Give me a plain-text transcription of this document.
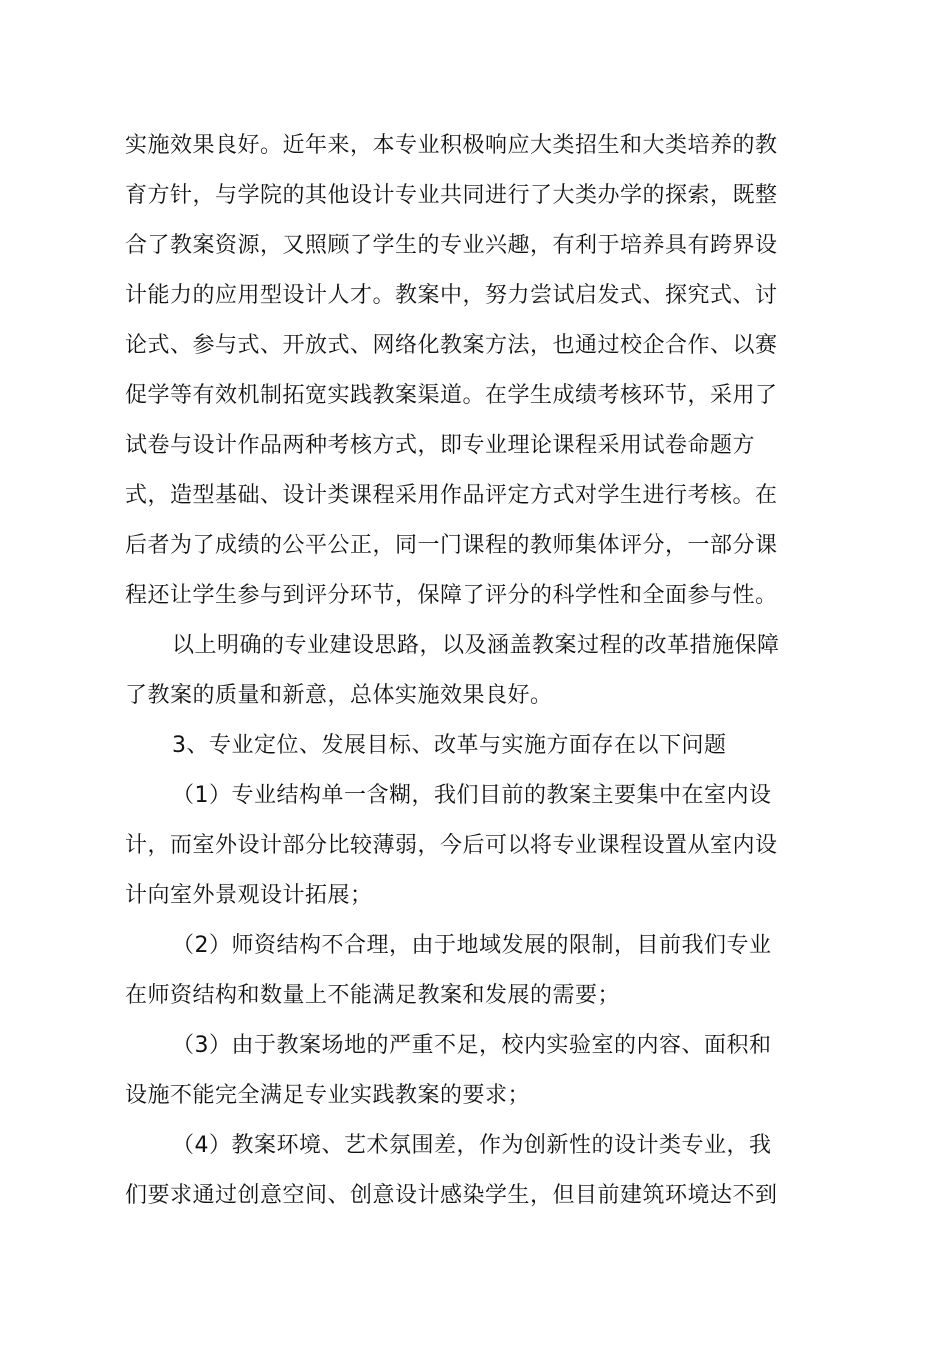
实施效果良好。近年来，本专业积极响应大类招生和大类培养的教
育方针，与学院的其他设计专业共同进行了大类办学的探索，既整
合了教案资源，又照顾了学生的专业兴趣，有利于培养具有跨界设
计能力的应用型设计人才。教案中，努力尝试启发式、探究式、讨
论式、参与式、开放式、网络化教案方法，也通过校企合作、以赛
促学等有效机制拓宽实践教案渠道。在学生成绩考核环节，采用了
试卷与设计作品两种考核方式，即专业理论课程采用试卷命题方
式，造型基础、设计类课程采用作品评定方式对学生进行考核。在
后者为了成绩的公平公正，同一门课程的教师集体评分，一部分课
程还让学生参与到评分环节，保障了评分的科学性和全面参与性。
以上明确的专业建设思路，以及涵盖教案过程的改革措施保障
了教案的质量和新意，总体实施效果良好。
3、专业定位、发展目标、改革与实施方面存在以下问题
（1）专业结构单一含糊，我们目前的教案主要集中在室内设
计，而室外设计部分比较薄弱，今后可以将专业课程设置从室内设
计向室外景观设计拓展；
（2）师资结构不合理，由于地域发展的限制，目前我们专业
在师资结构和数量上不能满足教案和发展的需要；
（3）由于教案场地的严重不足，校内实验室的内容、面积和
设施不能完全满足专业实践教案的要求；
（4）教案环境、艺术氛围差，作为创新性的设计类专业，我
们要求通过创意空间、创意设计感染学生，但目前建筑环境达不到
